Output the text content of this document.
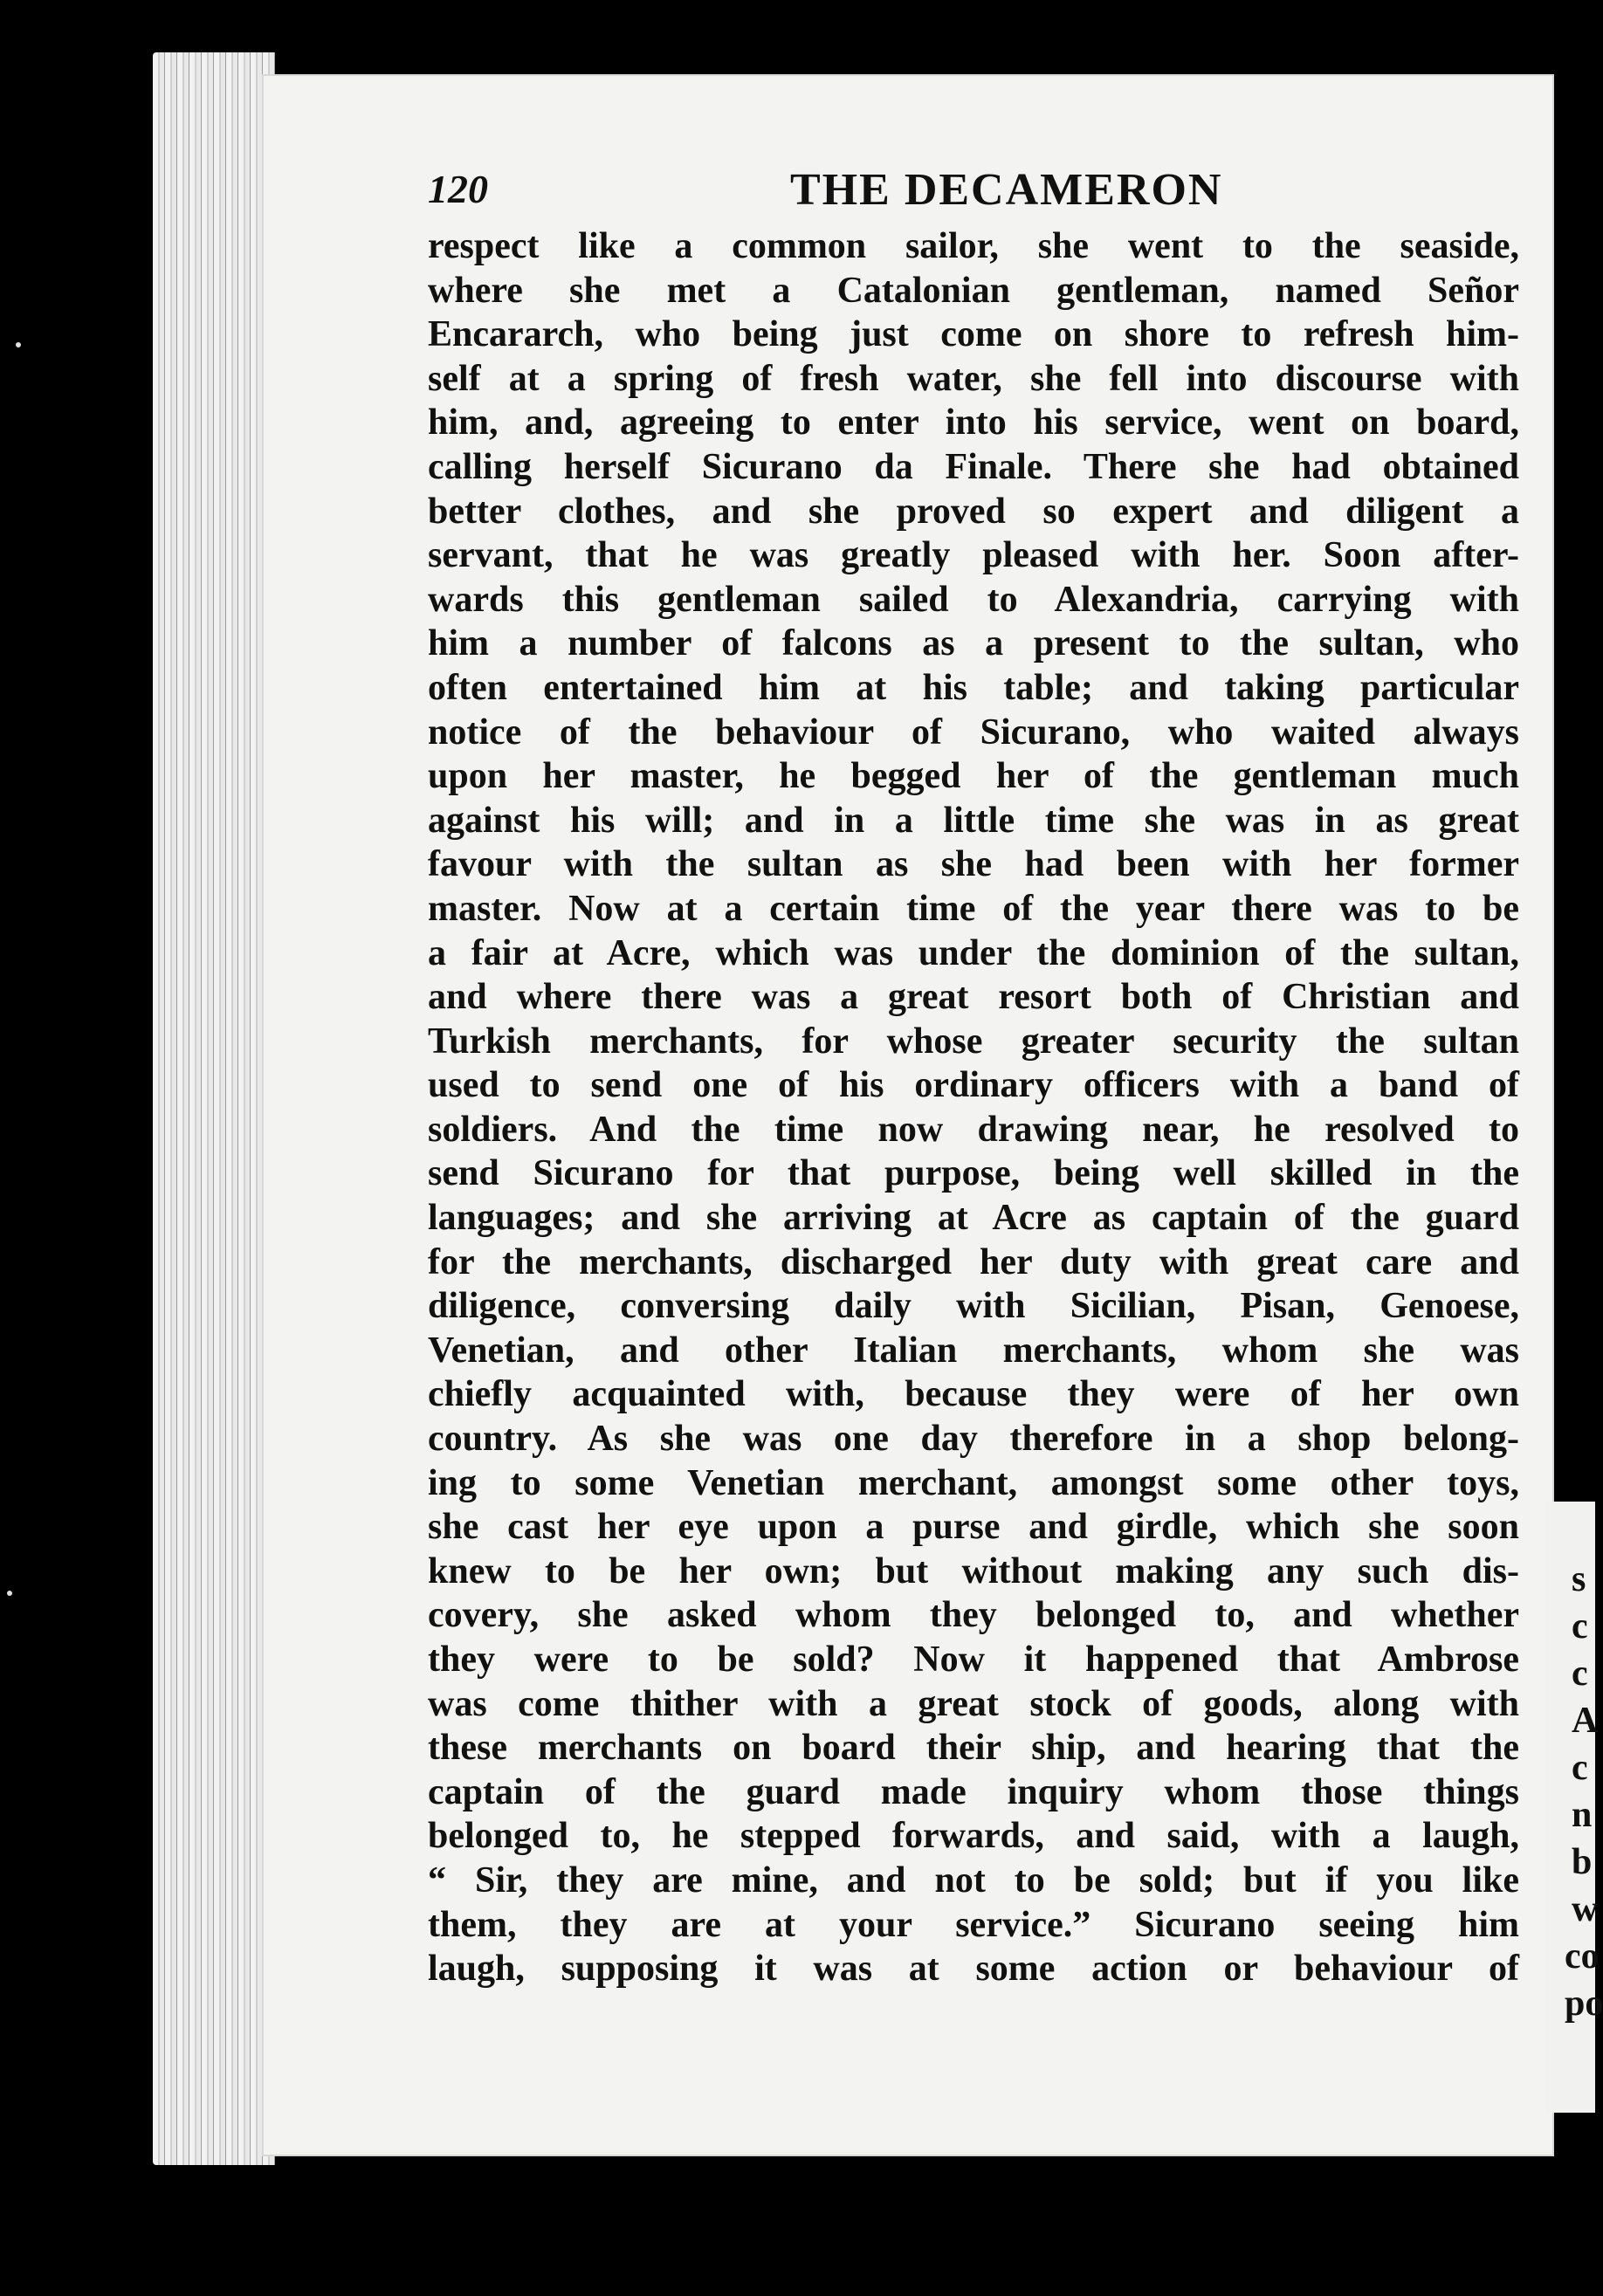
120	THE DECAMERON
respect like a common sailor, she went to the seaside,
where she met a Catalonian gentleman, named Señor
Encararch, who being just come on shore to refresh him-
self at a spring of fresh water, she fell into discourse with
him, and, agreeing to enter into his service, went on board,
calling herself Sicurano da Finale. There she had obtained
better clothes, and she proved so expert and diligent a
servant, that he was greatly pleased with her. Soon after-
wards this gentleman sailed to Alexandria, carrying with
him a number of falcons as a present to the sultan, who
often entertained him at his table; and taking particular
notice of the behaviour of Sicurano, who waited always
upon her master, he begged her of the gentleman much
against his will; and in a little time she was in as great
favour with the sultan as she had been with her former
master. Now at a certain time of the year there was to be
a fair at Acre, which was under the dominion of the sultan,
and where there was a great resort both of Christian and
Turkish merchants, for whose greater security the sultan
used to send one of his ordinary officers with a band of
soldiers. And the time now drawing near, he resolved to
send Sicurano for that purpose, being well skilled in the
languages; and she arriving at Acre as captain of the guard
for the merchants, discharged her duty with great care and
diligence, conversing daily with Sicilian, Pisan, Genoese,
Venetian, and other Italian merchants, whom she was
chiefly acquainted with, because they were of her own
country. As she was one day therefore in a shop belong-
ing to some Venetian merchant, amongst some other toys,
she cast her eye upon a purse and girdle, which she soon
knew to be her own; but without making any such dis-
covery, she asked whom they belonged to, and whether
they were to be sold? Now it happened that Ambrose
was come thither with a great stock of goods, along with
these merchants on board their ship, and hearing that the
captain of the guard made inquiry whom those things
belonged to, he stepped forwards, and said, with a laugh,
“ Sir, they are mine, and not to be sold; but if you like
them, they are at your service.” Sicurano seeing him
laugh, supposing it was at some action or behaviour of
s
c
c
A
c
n
b
w
co
po
